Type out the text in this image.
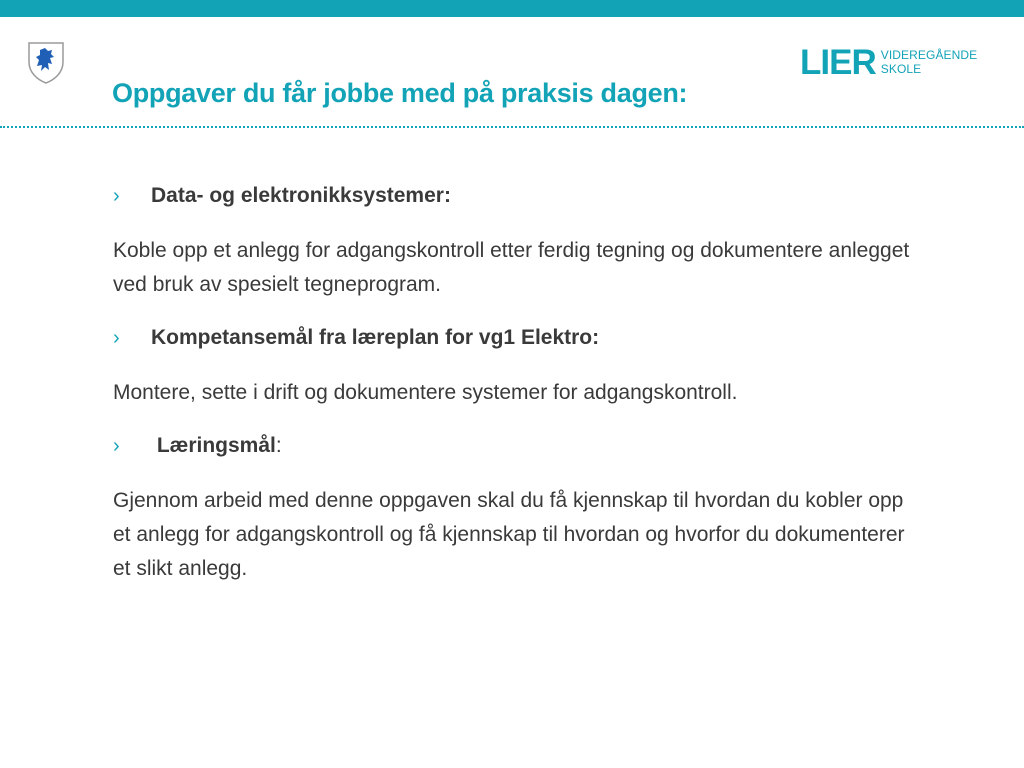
Oppgaver du får jobbe med på praksis dagen:
LIER VIDEREGÅENDE
SKOLE
›	Data- og elektronikksystemer:

Koble opp et anlegg for adgangskontroll etter ferdig tegning og dokumentere anlegget ved bruk av spesielt tegneprogram.

›	Kompetansemål fra læreplan for vg1 Elektro:

Montere, sette i drift og dokumentere systemer for adgangskontroll.

›	Læringsmål :

Gjennom arbeid med denne oppgaven skal du få kjennskap til hvordan du kobler opp et anlegg for adgangskontroll og få kjennskap til hvordan og hvorfor du dokumenterer et slikt anlegg.
